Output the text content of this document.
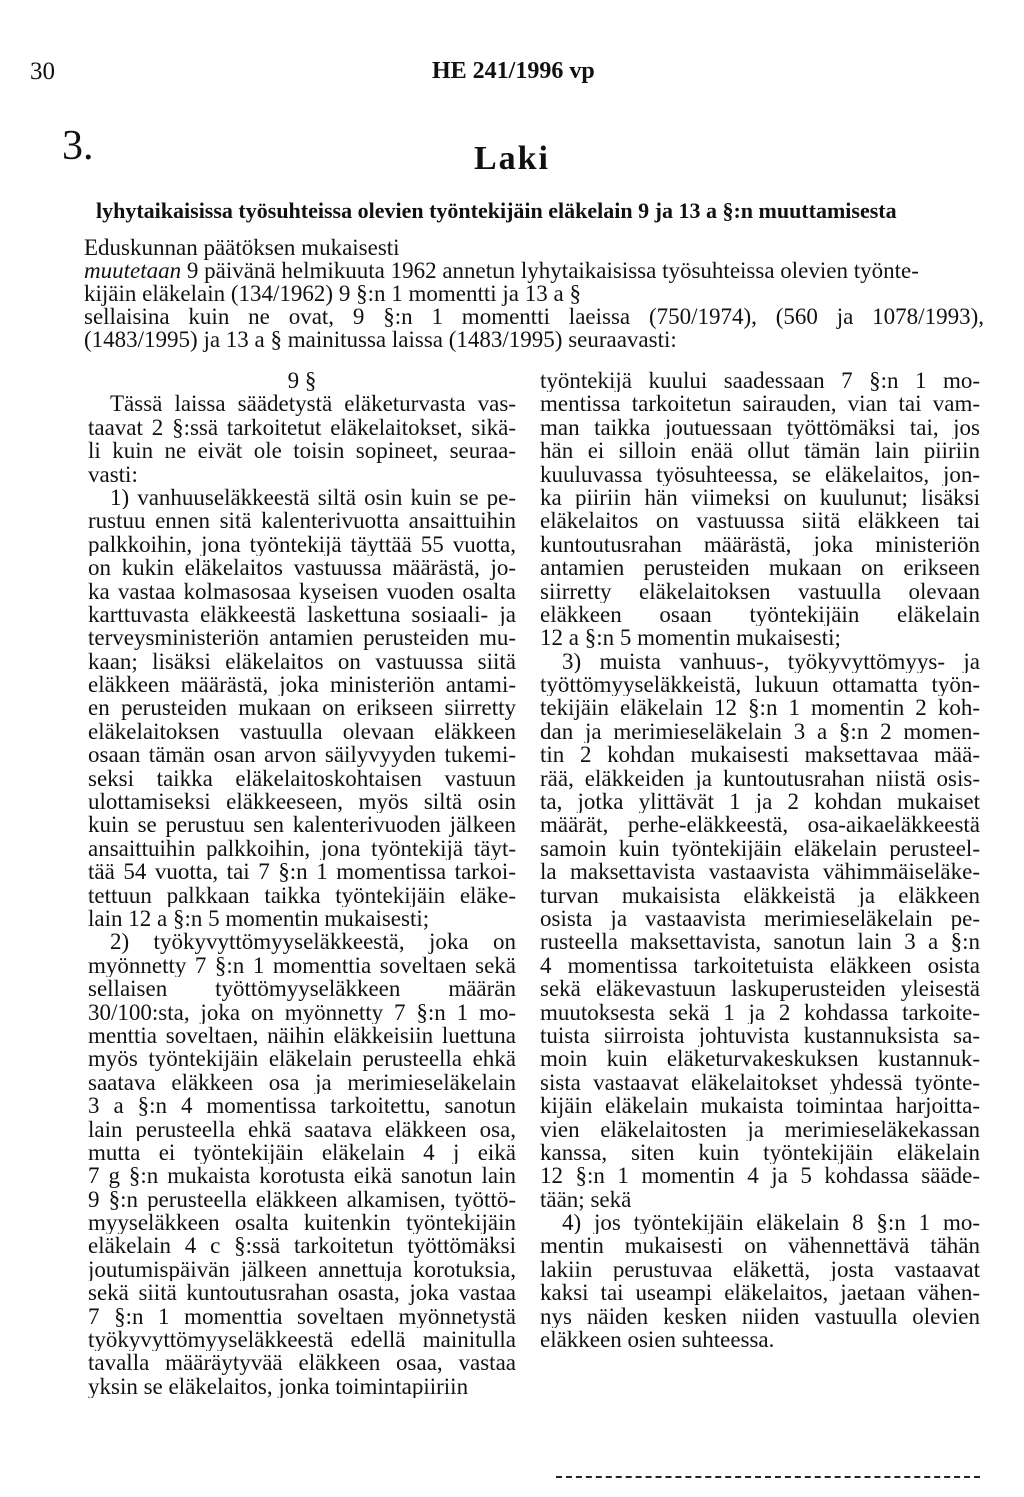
30	HE 241/1996 vp
3.	Laki
lyhytaikaisissa työsuhteissa olevien työntekijäin eläkelain 9 ja 13 a §:n muuttamisesta
Eduskunnan päätöksen mukaisesti
muutetaan 9 päivänä helmikuuta 1962 annetun lyhytaikaisissa työsuhteissa olevien työnte-
kijäin eläkelain (134/1962) 9 §:n 1 momentti ja 13 a §
sellaisina kuin ne ovat, 9 §:n 1 momentti laeissa (750/1974), (560 ja 1078/1993),
(1483/1995) ja 13 a § mainitussa laissa (1483/1995) seuraavasti:
9 §
Tässä laissa säädetystä eläketurvasta vas-
taavat 2 §:ssä tarkoitetut eläkelaitokset, sikä-
li kuin ne eivät ole toisin sopineet, seuraa-
vasti:
1) vanhuuseläkkeestä siltä osin kuin se pe-
rustuu ennen sitä kalenterivuotta ansaittuihin
palkkoihin, jona työntekijä täyttää 55 vuotta,
on kukin eläkelaitos vastuussa määrästä, jo-
ka vastaa kolmasosaa kyseisen vuoden osalta
karttuvasta eläkkeestä laskettuna sosiaali- ja
terveysministeriön antamien perusteiden mu-
kaan; lisäksi eläkelaitos on vastuussa siitä
eläkkeen määrästä, joka ministeriön antami-
en perusteiden mukaan on erikseen siirretty
eläkelaitoksen vastuulla olevaan eläkkeen
osaan tämän osan arvon säilyvyyden tukemi-
seksi taikka eläkelaitoskohtaisen vastuun
ulottamiseksi eläkkeeseen, myös siltä osin
kuin se perustuu sen kalenterivuoden jälkeen
ansaittuihin palkkoihin, jona työntekijä täyt-
tää 54 vuotta, tai 7 §:n 1 momentissa tarkoi-
tettuun palkkaan taikka työntekijäin eläke-
lain 12 a §:n 5 momentin mukaisesti;
2) työkyvyttömyyseläkkeestä, joka on
myönnetty 7 §:n 1 momenttia soveltaen sekä
sellaisen työttömyyseläkkeen määrän
30/100:sta, joka on myönnetty 7 §:n 1 mo-
menttia soveltaen, näihin eläkkeisiin luettuna
myös työntekijäin eläkelain perusteella ehkä
saatava eläkkeen osa ja merimieseläkelain
3 a §:n 4 momentissa tarkoitettu, sanotun
lain perusteella ehkä saatava eläkkeen osa,
mutta ei työntekijäin eläkelain 4 j eikä
7 g §:n mukaista korotusta eikä sanotun lain
9 §:n perusteella eläkkeen alkamisen, työttö-
myyseläkkeen osalta kuitenkin työntekijäin
eläkelain 4 c §:ssä tarkoitetun työttömäksi
joutumispäivän jälkeen annettuja korotuksia,
sekä siitä kuntoutusrahan osasta, joka vastaa
7 §:n 1 momenttia soveltaen myönnetystä
työkyvyttömyyseläkkeestä edellä mainitulla
tavalla määräytyvää eläkkeen osaa, vastaa
yksin se eläkelaitos, jonka toimintapiiriin
työntekijä kuului saadessaan 7 §:n 1 mo-
mentissa tarkoitetun sairauden, vian tai vam-
man taikka joutuessaan työttömäksi tai, jos
hän ei silloin enää ollut tämän lain piiriin
kuuluvassa työsuhteessa, se eläkelaitos, jon-
ka piiriin hän viimeksi on kuulunut; lisäksi
eläkelaitos on vastuussa siitä eläkkeen tai
kuntoutusrahan määrästä, joka ministeriön
antamien perusteiden mukaan on erikseen
siirretty eläkelaitoksen vastuulla olevaan
eläkkeen osaan työntekijäin eläkelain
12 a §:n 5 momentin mukaisesti;
3) muista vanhuus-, työkyvyttömyys- ja
työttömyyseläkkeistä, lukuun ottamatta työn-
tekijäin eläkelain 12 §:n 1 momentin 2 koh-
dan ja merimieseläkelain 3 a §:n 2 momen-
tin 2 kohdan mukaisesti maksettavaa mää-
rää, eläkkeiden ja kuntoutusrahan niistä osis-
ta, jotka ylittävät 1 ja 2 kohdan mukaiset
määrät, perhe-eläkkeestä, osa-aikaeläkkeestä
samoin kuin työntekijäin eläkelain perusteel-
la maksettavista vastaavista vähimmäiseläke-
turvan mukaisista eläkkeistä ja eläkkeen
osista ja vastaavista merimieseläkelain pe-
rusteella maksettavista, sanotun lain 3 a §:n
4 momentissa tarkoitetuista eläkkeen osista
sekä eläkevastuun laskuperusteiden yleisestä
muutoksesta sekä 1 ja 2 kohdassa tarkoite-
tuista siirroista johtuvista kustannuksista sa-
moin kuin eläketurvakeskuksen kustannuk-
sista vastaavat eläkelaitokset yhdessä työnte-
kijäin eläkelain mukaista toimintaa harjoitta-
vien eläkelaitosten ja merimieseläkekassan
kanssa, siten kuin työntekijäin eläkelain
12 §:n 1 momentin 4 ja 5 kohdassa sääde-
tään; sekä
4) jos työntekijäin eläkelain 8 §:n 1 mo-
mentin mukaisesti on vähennettävä tähän
lakiin perustuvaa eläkettä, josta vastaavat
kaksi tai useampi eläkelaitos, jaetaan vähen-
nys näiden kesken niiden vastuulla olevien
eläkkeen osien suhteessa.
